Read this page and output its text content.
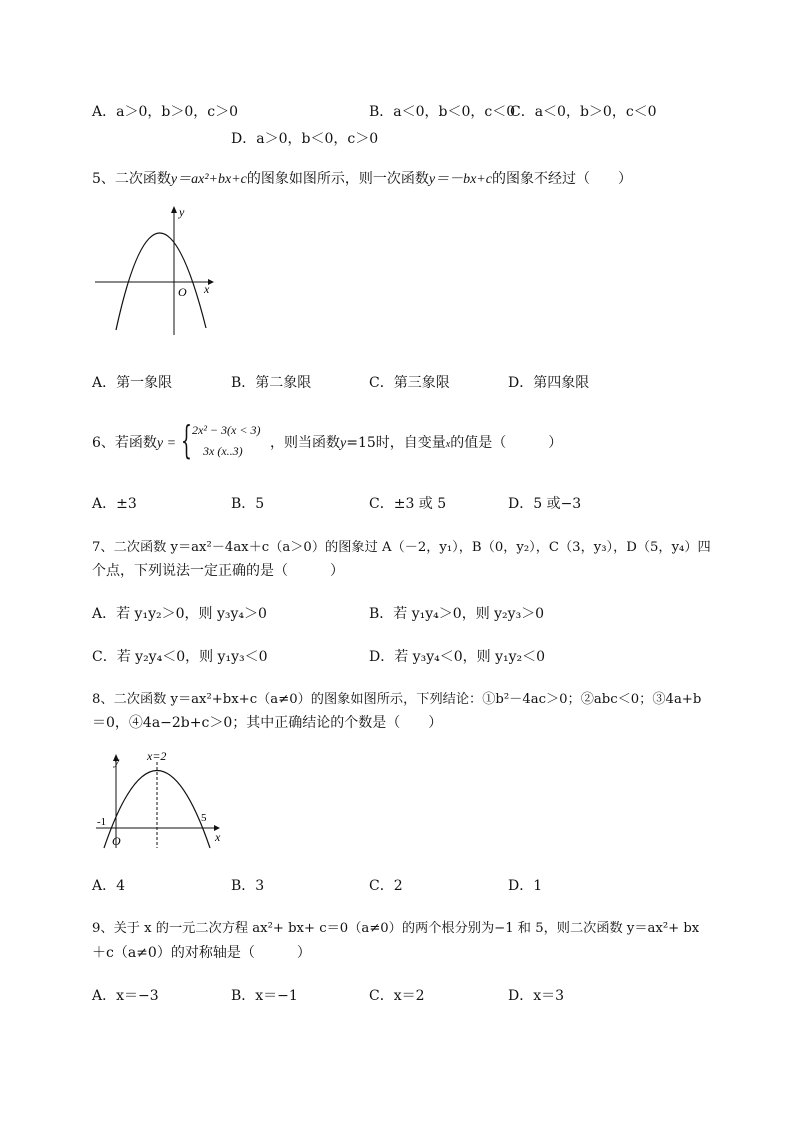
A．a＞0，b＞0，c＞0	B．a＜0，b＜0，c＜0
C．a＜0，b＞0，c＜0
D．a＞0，b＜0，c＞0
5、二次函数y＝ax²+bx+c的图象如图所示，则一次函数y＝－bx+c的图象不经过（　　）
y
x
O
A．第一象限	B．第二象限	C．第三象限	D．第四象限
6、若函数y = { 2x² − 3(x < 3)
3x (x..3) ，则当函数y=15时，自变量x的值是（　　　）
A．±3	B．5	C．±3 或 5	D．5 或−3
7、二次函数 y＝ax²－4ax＋c（a＞0）的图象过 A（－2，y₁），B（0，y₂），C（3，y₃），D（5，y₄）四
个点，下列说法一定正确的是（　　　）
A．若 y₁y₂＞0，则 y₃y₄＞0	B．若 y₁y₄＞0，则 y₂y₃＞0
C．若 y₂y₄＜0，则 y₁y₃＜0	D．若 y₃y₄＜0，则 y₁y₂＜0
8、二次函数 y＝ax²+bx+c（a≠0）的图象如图所示，下列结论：①b²－4ac＞0；②abc＜0；③4a+b
＝0，④4a−2b+c＞0；其中正确结论的个数是（　　）
x=2
y
-1	5
O	x
A．4	B．3	C．2	D．1
9、关于 x 的一元二次方程 ax²+ bx+ c＝0（a≠0）的两个根分别为−1 和 5，则二次函数 y＝ax²+ bx
＋c（a≠0）的对称轴是（　　　）
A．x＝−3	B．x＝−1	C．x＝2	D．x＝3
